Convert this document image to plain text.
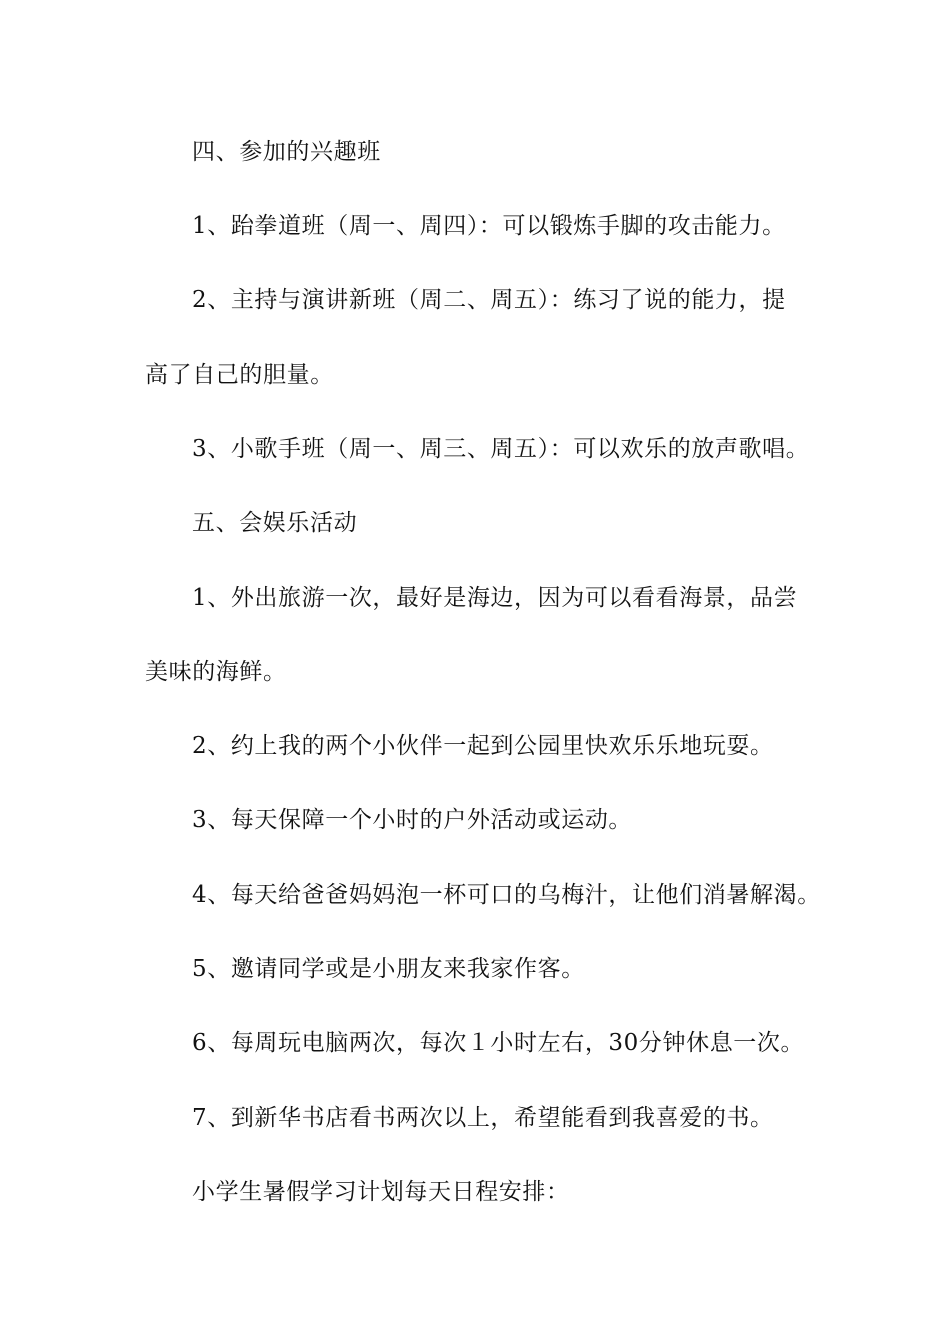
四、参加的兴趣班
1、跆拳道班（周一、周四）：可以锻炼手脚的攻击能力。
2、主持与演讲新班（周二、周五）：练习了说的能力，提
高了自己的胆量。
3、小歌手班（周一、周三、周五）：可以欢乐的放声歌唱。
五、会娱乐活动
1、外出旅游一次，最好是海边，因为可以看看海景，品尝
美味的海鲜。
2、约上我的两个小伙伴一起到公园里快欢乐乐地玩耍。
3、每天保障一个小时的户外活动或运动。
4、每天给爸爸妈妈泡一杯可口的乌梅汁，让他们消暑解渴。
5、邀请同学或是小朋友来我家作客。
6、每周玩电脑两次，每次１小时左右，30分钟休息一次。
7、到新华书店看书两次以上，希望能看到我喜爱的书。
小学生暑假学习计划每天日程安排：
